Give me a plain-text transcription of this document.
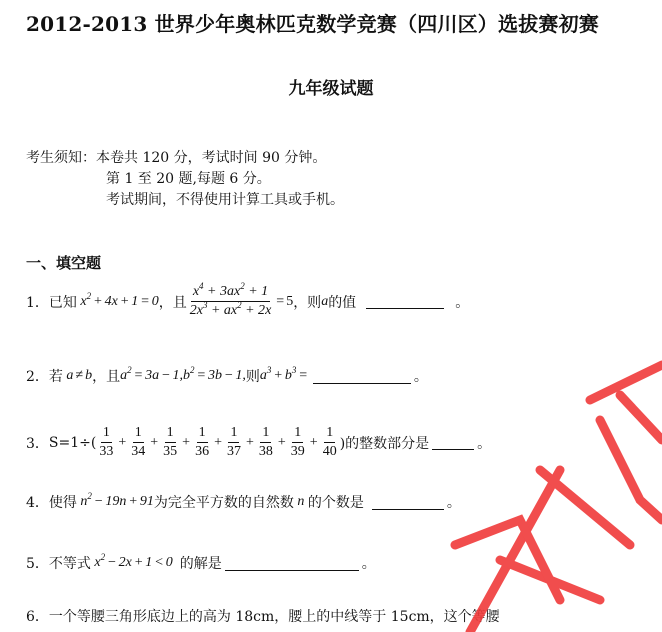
2012-2013 世界少年奥林匹克数学竞赛（四川区）选拔赛初赛
九年级试题
考生须知：本卷共 120 分，考试时间 90 分钟。
第 1 至 20 题,每题 6 分。
考试期间，不得使用计算工具或手机。
一、填空题
1． 已知 $x^2 + 4x + 1 = 0$ ，且 $\frac{x^4 + 3ax^2 + 1}{2x^3 + ax^2 + 2x} = 5$ ，则 a 的值	。
2． 若 a ≠ b ，且 $a^2 = 3a - 1,b^2 = 3b - 1$, 则 $a^3 + b^3$ =	。
3． $S=1\div( \frac{1}{33} + \frac{1}{34} + \frac{1}{35} + \frac{1}{36} + \frac{1}{37} + \frac{1}{38} + \frac{1}{39} + \frac{1}{40}$ )的整数部分是	。
4． 使得 $n^2 - 19n + 91$ 为完全平方数的自然数 n 的个数是	。
5． 不等式 $x^2 - 2x + 1 < 0$ 的解是	。
6． 一个等腰三角形底边上的高为 18cm，腰上的中线等于 15cm，这个等腰
